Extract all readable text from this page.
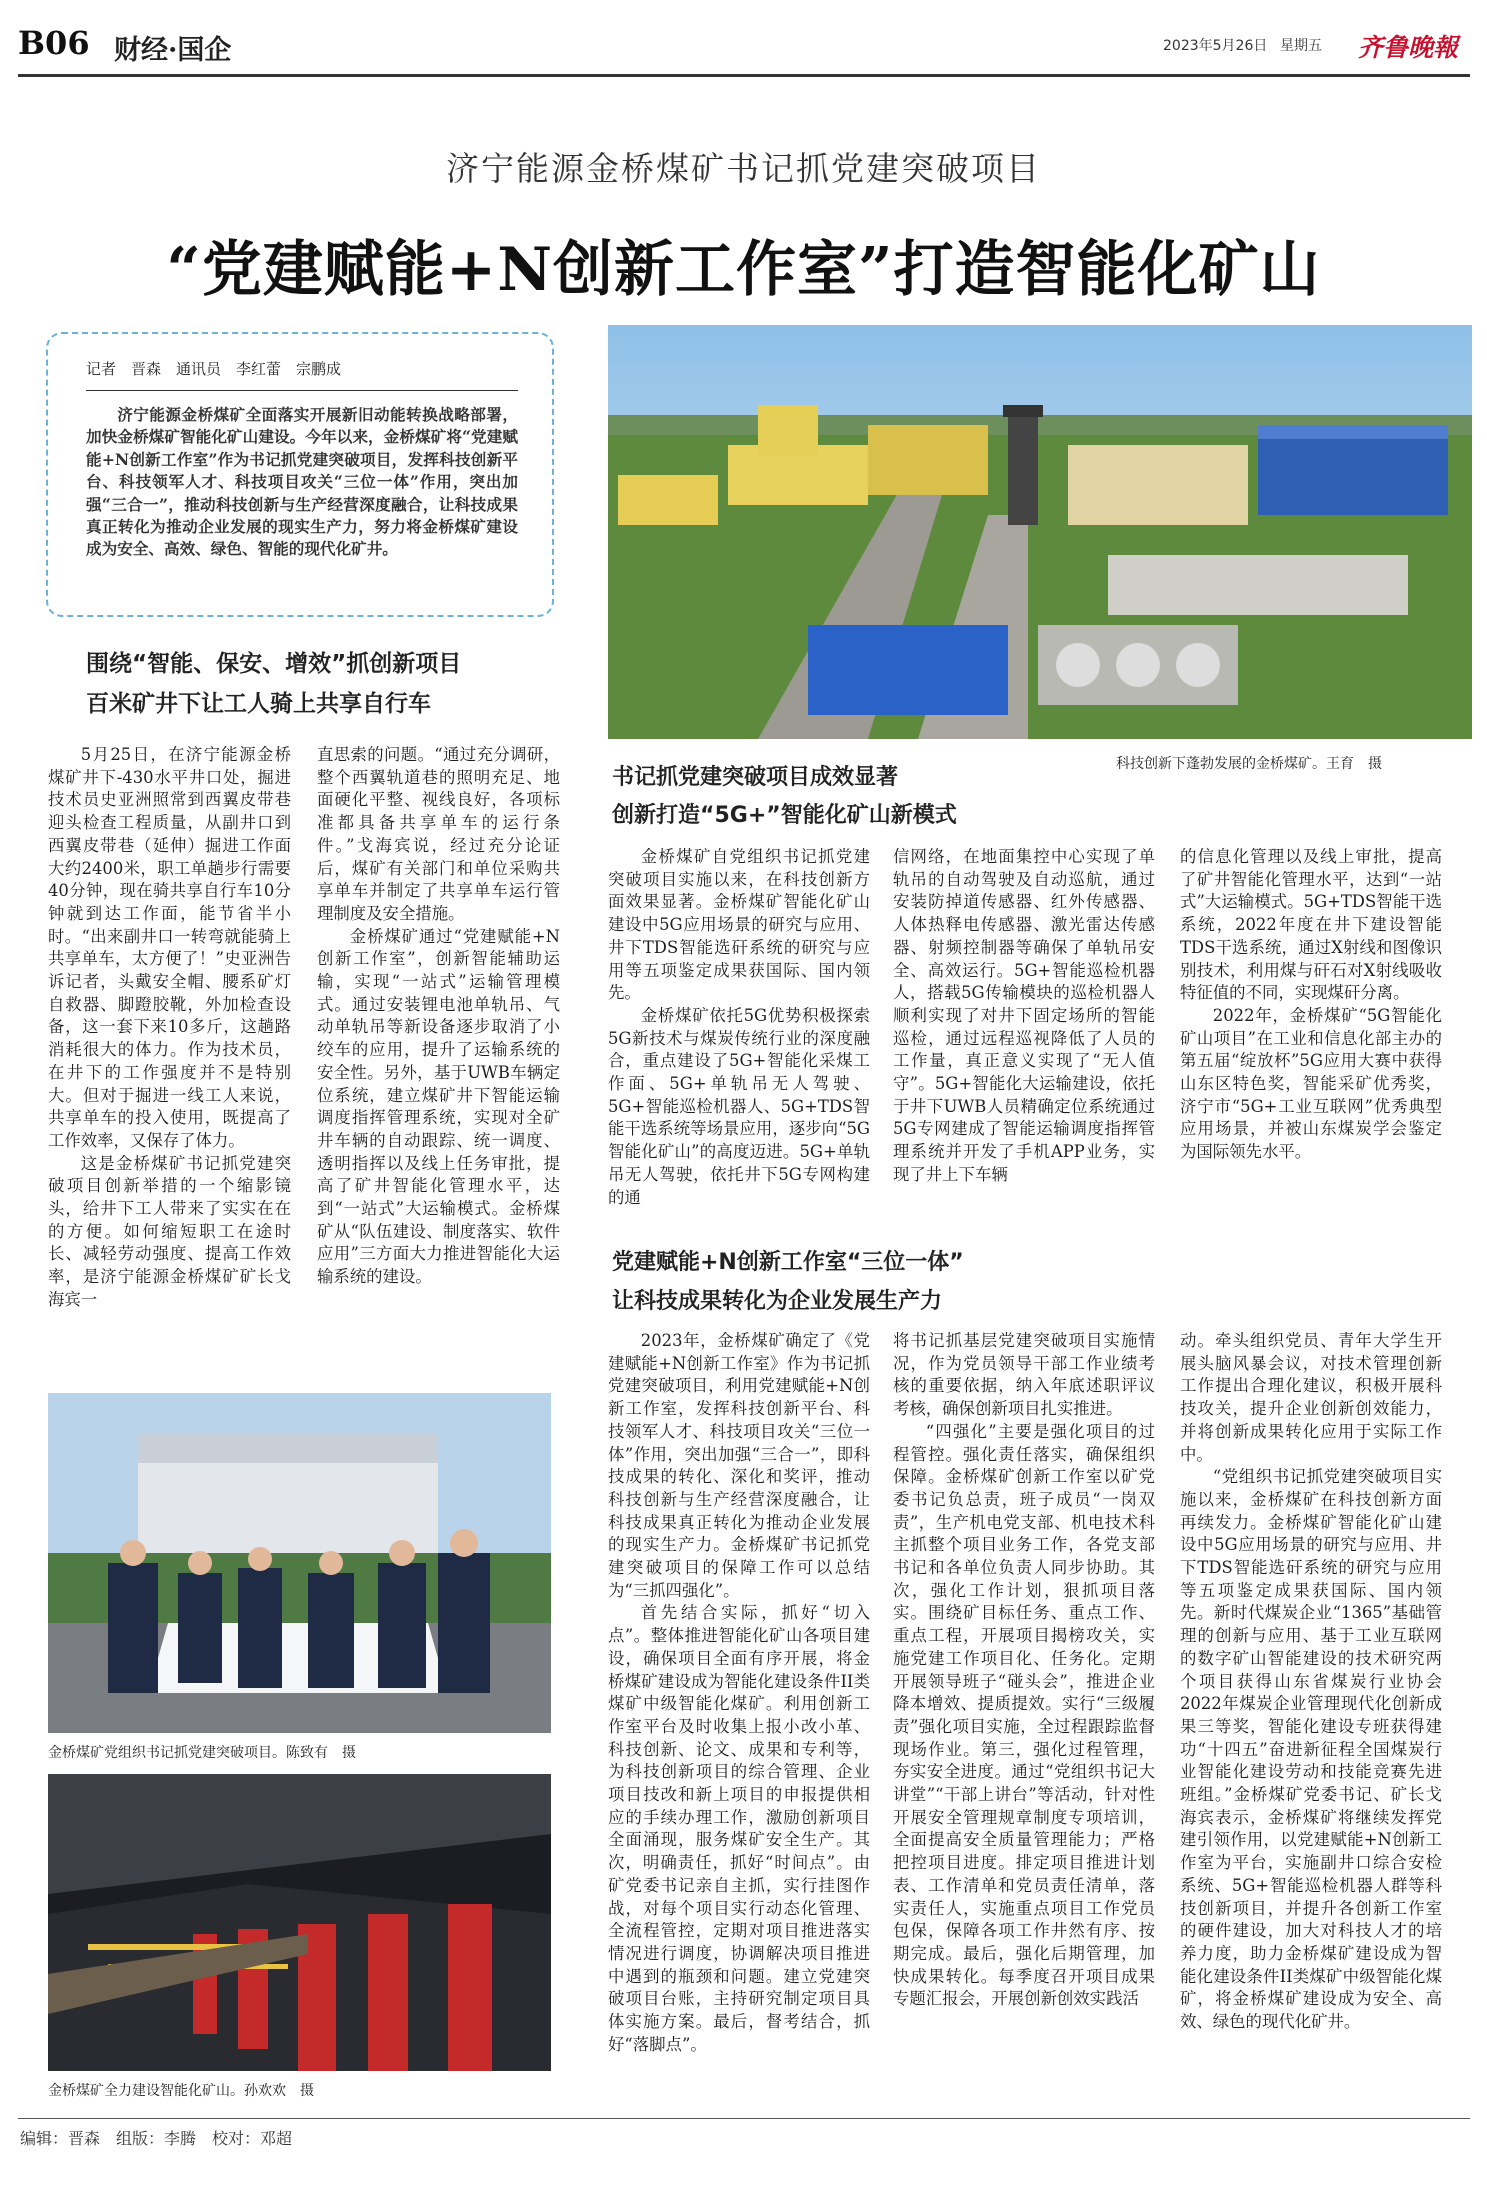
B06 财经·国企	2023年5月26日 星期五 齐鲁晚報
济宁能源金桥煤矿书记抓党建突破项目
“党建赋能+N创新工作室”打造智能化矿山
记者　晋森　通讯员　李红蕾　宗鹏成
济宁能源金桥煤矿全面落实开展新旧动能转换战略部署，加快金桥煤矿智能化矿山建设。今年以来，金桥煤矿将“党建赋能+N创新工作室”作为书记抓党建突破项目，发挥科技创新平台、科技领军人才、科技项目攻关“三位一体”作用，突出加强“三合一”，推动科技创新与生产经营深度融合，让科技成果真正转化为推动企业发展的现实生产力，努力将金桥煤矿建设成为安全、高效、绿色、智能的现代化矿井。
科技创新下蓬勃发展的金桥煤矿。王育　摄
围绕“智能、保安、增效”抓创新项目
百米矿井下让工人骑上共享自行车

5月25日，在济宁能源金桥煤矿井下-430水平井口处，掘进技术员史亚洲照常到西翼皮带巷迎头检查工程质量，从副井口到西翼皮带巷（延伸）掘进工作面大约2400米，职工单趟步行需要40分钟，现在骑共享自行车10分钟就到达工作面，能节省半小时。“出来副井口一转弯就能骑上共享单车，太方便了！”史亚洲告诉记者，头戴安全帽、腰系矿灯自救器、脚蹬胶靴，外加检查设备，这一套下来10多斤，这趟路消耗很大的体力。作为技术员，在井下的工作强度并不是特别大。但对于掘进一线工人来说，共享单车的投入使用，既提高了工作效率，又保存了体力。

这是金桥煤矿书记抓党建突破项目创新举措的一个缩影镜头，给井下工人带来了实实在在的方便。如何缩短职工在途时长、减轻劳动强度、提高工作效率，是济宁能源金桥煤矿矿长戈海宾一

直思索的问题。“通过充分调研，整个西翼轨道巷的照明充足、地面硬化平整、视线良好，各项标准都具备共享单车的运行条件。”戈海宾说，经过充分论证后，煤矿有关部门和单位采购共享单车并制定了共享单车运行管理制度及安全措施。

金桥煤矿通过“党建赋能+N创新工作室”，创新智能辅助运输，实现“一站式”运输管理模式。通过安装锂电池单轨吊、气动单轨吊等新设备逐步取消了小绞车的应用，提升了运输系统的安全性。另外，基于UWB车辆定位系统，建立煤矿井下智能运输调度指挥管理系统，实现对全矿井车辆的自动跟踪、统一调度、透明指挥以及线上任务审批，提高了矿井智能化管理水平，达到“一站式”大运输模式。金桥煤矿从“队伍建设、制度落实、软件应用”三方面大力推进智能化大运输系统的建设。

书记抓党建突破项目成效显著
创新打造“5G+”智能化矿山新模式

金桥煤矿自党组织书记抓党建突破项目实施以来，在科技创新方面效果显著。金桥煤矿智能化矿山建设中5G应用场景的研究与应用、井下TDS智能选矸系统的研究与应用等五项鉴定成果获国际、国内领先。

金桥煤矿依托5G优势积极探索5G新技术与煤炭传统行业的深度融合，重点建设了5G+智能化采煤工作面、5G+单轨吊无人驾驶、5G+智能巡检机器人、5G+TDS智能干选系统等场景应用，逐步向“5G智能化矿山”的高度迈进。5G+单轨吊无人驾驶，依托井下5G专网构建的通

信网络，在地面集控中心实现了单轨吊的自动驾驶及自动巡航，通过安装防掉道传感器、红外传感器、人体热释电传感器、激光雷达传感器、射频控制器等确保了单轨吊安全、高效运行。5G+智能巡检机器人，搭载5G传输模块的巡检机器人顺利实现了对井下固定场所的智能巡检，通过远程巡视降低了人员的工作量，真正意义实现了“无人值守”。5G+智能化大运输建设，依托于井下UWB人员精确定位系统通过5G专网建成了智能运输调度指挥管理系统并开发了手机APP业务，实现了井上下车辆

的信息化管理以及线上审批，提高了矿井智能化管理水平，达到“一站式”大运输模式。5G+TDS智能干选系统，2022年度在井下建设智能TDS干选系统，通过X射线和图像识别技术，利用煤与矸石对X射线吸收特征值的不同，实现煤矸分离。

2022年，金桥煤矿“5G智能化矿山项目”在工业和信息化部主办的第五届“绽放杯”5G应用大赛中获得山东区特色奖，智能采矿优秀奖，济宁市“5G+工业互联网”优秀典型应用场景，并被山东煤炭学会鉴定为国际领先水平。

党建赋能+N创新工作室“三位一体”
让科技成果转化为企业发展生产力

2023年，金桥煤矿确定了《党建赋能+N创新工作室》作为书记抓党建突破项目，利用党建赋能+N创新工作室，发挥科技创新平台、科技领军人才、科技项目攻关“三位一体”作用，突出加强“三合一”，即科技成果的转化、深化和奖评，推动科技创新与生产经营深度融合，让科技成果真正转化为推动企业发展的现实生产力。金桥煤矿书记抓党建突破项目的保障工作可以总结为“三抓四强化”。

首先结合实际，抓好“切入点”。整体推进智能化矿山各项目建设，确保项目全面有序开展，将金桥煤矿建设成为智能化建设条件II类煤矿中级智能化煤矿。利用创新工作室平台及时收集上报小改小革、科技创新、论文、成果和专利等，为科技创新项目的综合管理、企业项目技改和新上项目的申报提供相应的手续办理工作，激励创新项目全面涌现，服务煤矿安全生产。其次，明确责任，抓好“时间点”。由矿党委书记亲自主抓，实行挂图作战，对每个项目实行动态化管理、全流程管控，定期对项目推进落实情况进行调度，协调解决项目推进中遇到的瓶颈和问题。建立党建突破项目台账，主持研究制定项目具体实施方案。最后，督考结合，抓好“落脚点”。

将书记抓基层党建突破项目实施情况，作为党员领导干部工作业绩考核的重要依据，纳入年底述职评议考核，确保创新项目扎实推进。

“四强化”主要是强化项目的过程管控。强化责任落实，确保组织保障。金桥煤矿创新工作室以矿党委书记负总责，班子成员“一岗双责”，生产机电党支部、机电技术科主抓整个项目业务工作，各党支部书记和各单位负责人同步协助。其次，强化工作计划，狠抓项目落实。围绕矿目标任务、重点工作、重点工程，开展项目揭榜攻关，实施党建工作项目化、任务化。定期开展领导班子“碰头会”，推进企业降本增效、提质提效。实行“三级履责”强化项目实施，全过程跟踪监督现场作业。第三，强化过程管理，夯实安全进度。通过“党组织书记大讲堂”“干部上讲台”等活动，针对性开展安全管理规章制度专项培训，全面提高安全质量管理能力；严格把控项目进度。排定项目推进计划表、工作清单和党员责任清单，落实责任人，实施重点项目工作党员包保，保障各项工作井然有序、按期完成。最后，强化后期管理，加快成果转化。每季度召开项目成果专题汇报会，开展创新创效实践活

动。牵头组织党员、青年大学生开展头脑风暴会议，对技术管理创新工作提出合理化建议，积极开展科技攻关，提升企业创新创效能力，并将创新成果转化应用于实际工作中。

“党组织书记抓党建突破项目实施以来，金桥煤矿在科技创新方面再续发力。金桥煤矿智能化矿山建设中5G应用场景的研究与应用、井下TDS智能选矸系统的研究与应用等五项鉴定成果获国际、国内领先。新时代煤炭企业“1365”基础管理的创新与应用、基于工业互联网的数字矿山智能建设的技术研究两个项目获得山东省煤炭行业协会2022年煤炭企业管理现代化创新成果三等奖，智能化建设专班获得建功“十四五”奋进新征程全国煤炭行业智能化建设劳动和技能竞赛先进班组。”金桥煤矿党委书记、矿长戈海宾表示，金桥煤矿将继续发挥党建引领作用，以党建赋能+N创新工作室为平台，实施副井口综合安检系统、5G+智能巡检机器人群等科技创新项目，并提升各创新工作室的硬件建设，加大对科技人才的培养力度，助力金桥煤矿建设成为智能化建设条件II类煤矿中级智能化煤矿，将金桥煤矿建设成为安全、高效、绿色的现代化矿井。

金桥煤矿党组织书记抓党建突破项目。陈致有　摄
金桥煤矿全力建设智能化矿山。孙欢欢　摄
编辑：晋森　组版：李腾　校对：邓超
